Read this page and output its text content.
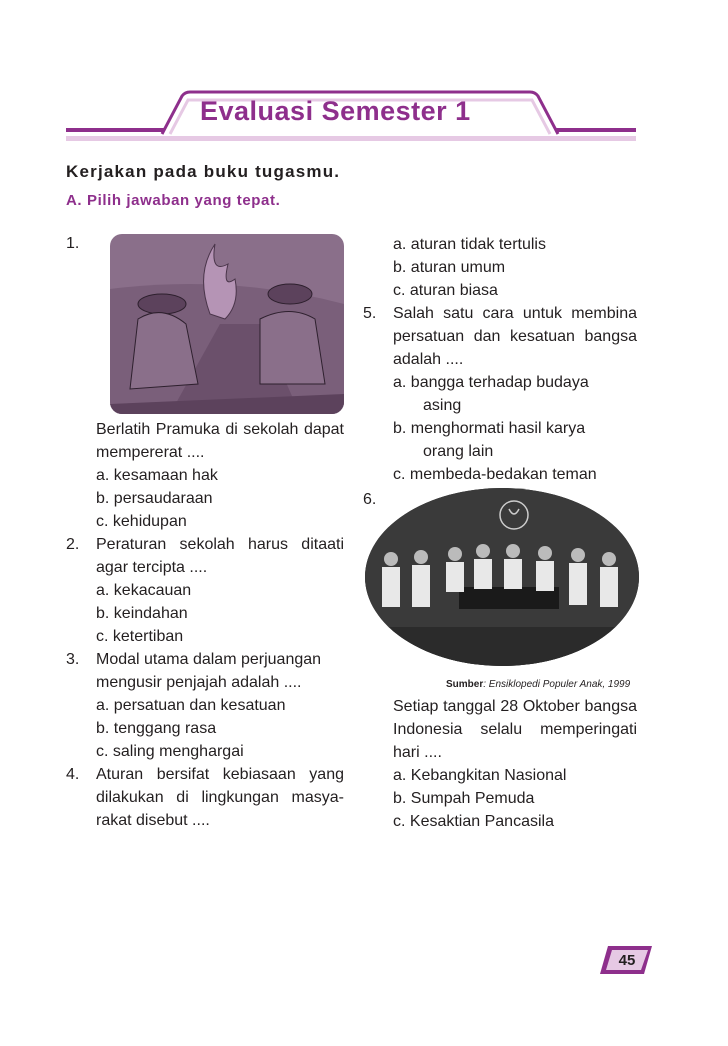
Evaluasi Semester 1
Kerjakan pada buku tugasmu.
A. Pilih jawaban yang tepat.
1.
Berlatih Pramuka di sekolah dapat
mempererat ....
a. kesamaan hak
b. persaudaraan
c. kehidupan
2. Peraturan sekolah harus ditaati
agar tercipta ....
a. kekacauan
b. keindahan
c. ketertiban
3. Modal utama dalam perjuangan
mengusir penjajah adalah ....
a. persatuan dan kesatuan
b. tenggang rasa
c. saling menghargai
4. Aturan bersifat kebiasaan yang
dilakukan di lingkungan masya-
rakat disebut ....
a. aturan tidak tertulis
b. aturan umum
c. aturan biasa
5. Salah satu cara untuk membina
persatuan dan kesatuan bangsa
adalah ....
a. bangga terhadap budaya
asing
b. menghormati hasil karya
orang lain
c. membeda-bedakan teman
6.
Sumber: Ensiklopedi Populer Anak, 1999
Setiap tanggal 28 Oktober bangsa
Indonesia selalu memperingati
hari ....
a. Kebangkitan Nasional
b. Sumpah Pemuda
c. Kesaktian Pancasila
45
